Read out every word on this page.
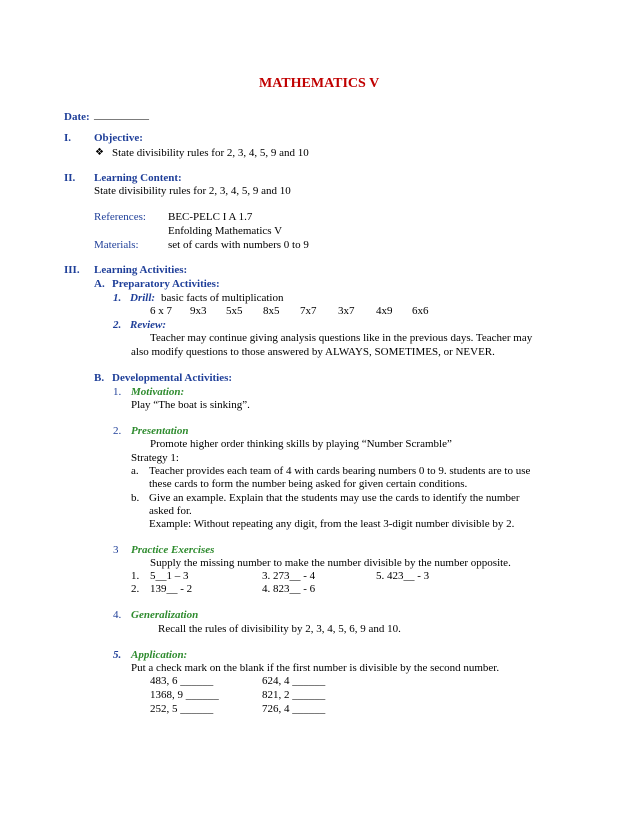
MATHEMATICS V
Date: __________
I. Objective:
❖ State divisibility rules for 2, 3, 4, 5, 9 and 10
II. Learning Content:
State divisibility rules for 2, 3, 4, 5, 9 and 10
References: BEC-PELC I A 1.7
Enfolding Mathematics V
Materials:	set of cards with numbers 0 to 9
III. Learning Activities:
A. Preparatory Activities:
1. Drill: basic facts of multiplication
6 x 7 9x3 5x5 8x5 7x7 3x7 4x9 6x6
2. Review:
Teacher may continue giving analysis questions like in the previous days. Teacher may
also modify questions to those answered by ALWAYS, SOMETIMES, or NEVER.
B. Developmental Activities:
1. Motivation:
Play “The boat is sinking”.
2. Presentation
Promote higher order thinking skills by playing “Number Scramble”
Strategy 1:
a. Teacher provides each team of 4 with cards bearing numbers 0 to 9. students are to use
these cards to form the number being asked for given certain conditions.
b. Give an example. Explain that the students may use the cards to identify the number
asked for.
Example: Without repeating any digit, from the least 3-digit number divisible by 2.
3 Practice Exercises
Supply the missing number to make the number divisible by the number opposite.
1. 5__1 – 3	3. 273__ - 4	5. 423__ - 3
2. 139__ - 2	4. 823__ - 6
4. Generalization
Recall the rules of divisibility by 2, 3, 4, 5, 6, 9 and 10.
5. Application:
Put a check mark on the blank if the first number is divisible by the second number.
483, 6 ______	624, 4 ______
1368, 9 ______	821, 2 ______
252, 5 ______	726, 4 ______
